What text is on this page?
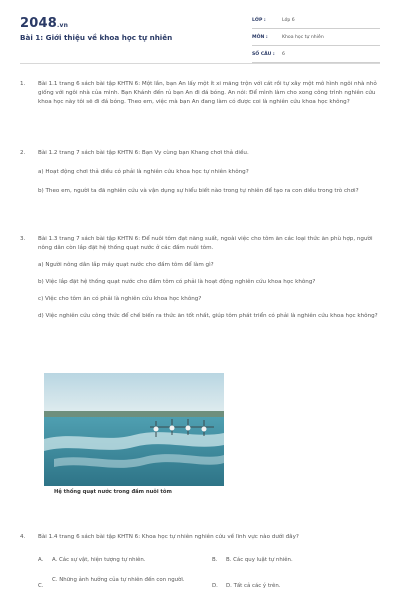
2048.vn
Bài 1: Giới thiệu về khoa học tự nhiên
LỚP :	Lớp 6
MÔN :	Khoa học tự nhiên
SỐ CÂU :	6
1. Bài 1.1 trang 6 sách bài tập KHTN 6: Một lần, bạn An lấy một ít xi măng trộn với cát rồi tự xây một mô hình ngôi nhà nhỏ giống với ngôi nhà của mình. Bạn Khánh đến rủ bạn An đi đá bóng. An nói: Để mình làm cho xong công trình nghiên cứu khoa học này tôi sẽ đi đá bóng. Theo em, việc mà bạn An đang làm có được coi là nghiên cứu khoa học không?

2. Bài 1.2 trang 7 sách bài tập KHTN 6: Bạn Vy cùng bạn Khang chơi thả diều.

a) Hoạt động chơi thả diều có phải là nghiên cứu khoa học tự nhiên không?

b) Theo em, người ta đã nghiên cứu và vận dụng sự hiểu biết nào trong tự nhiên để tạo ra con diều trong trò chơi?

3. Bài 1.3 trang 7 sách bài tập KHTN 6: Để nuôi tôm đạt năng suất, ngoài việc cho tôm ăn các loại thức ăn phù hợp, người nông dân còn lắp đặt hệ thống quạt nước ở các đầm nuôi tôm.

a) Người nông dân lắp máy quạt nước cho đầm tôm để làm gì?

b) Việc lắp đặt hệ thống quạt nước cho đầm tôm có phải là hoạt động nghiên cứu khoa học không?

c) Việc cho tôm ăn có phải là nghiên cứu khoa học không?

d) Việc nghiên cứu công thức để chế biến ra thức ăn tốt nhất, giúp tôm phát triển có phải là nghiên cứu khoa học không?

Hệ thống quạt nước trong đầm nuôi tôm
4. Bài 1.4 trang 6 sách bài tập KHTN 6: Khoa học tự nhiên nghiên cứu về lĩnh vực nào dưới đây?

A. A. Các sự vật, hiện tượng tự nhiên.	B. B. Các quy luật tự nhiên.
C.
C. Những ảnh hưởng của tự nhiên đến con người.
D. D. Tất cả các ý trên.
